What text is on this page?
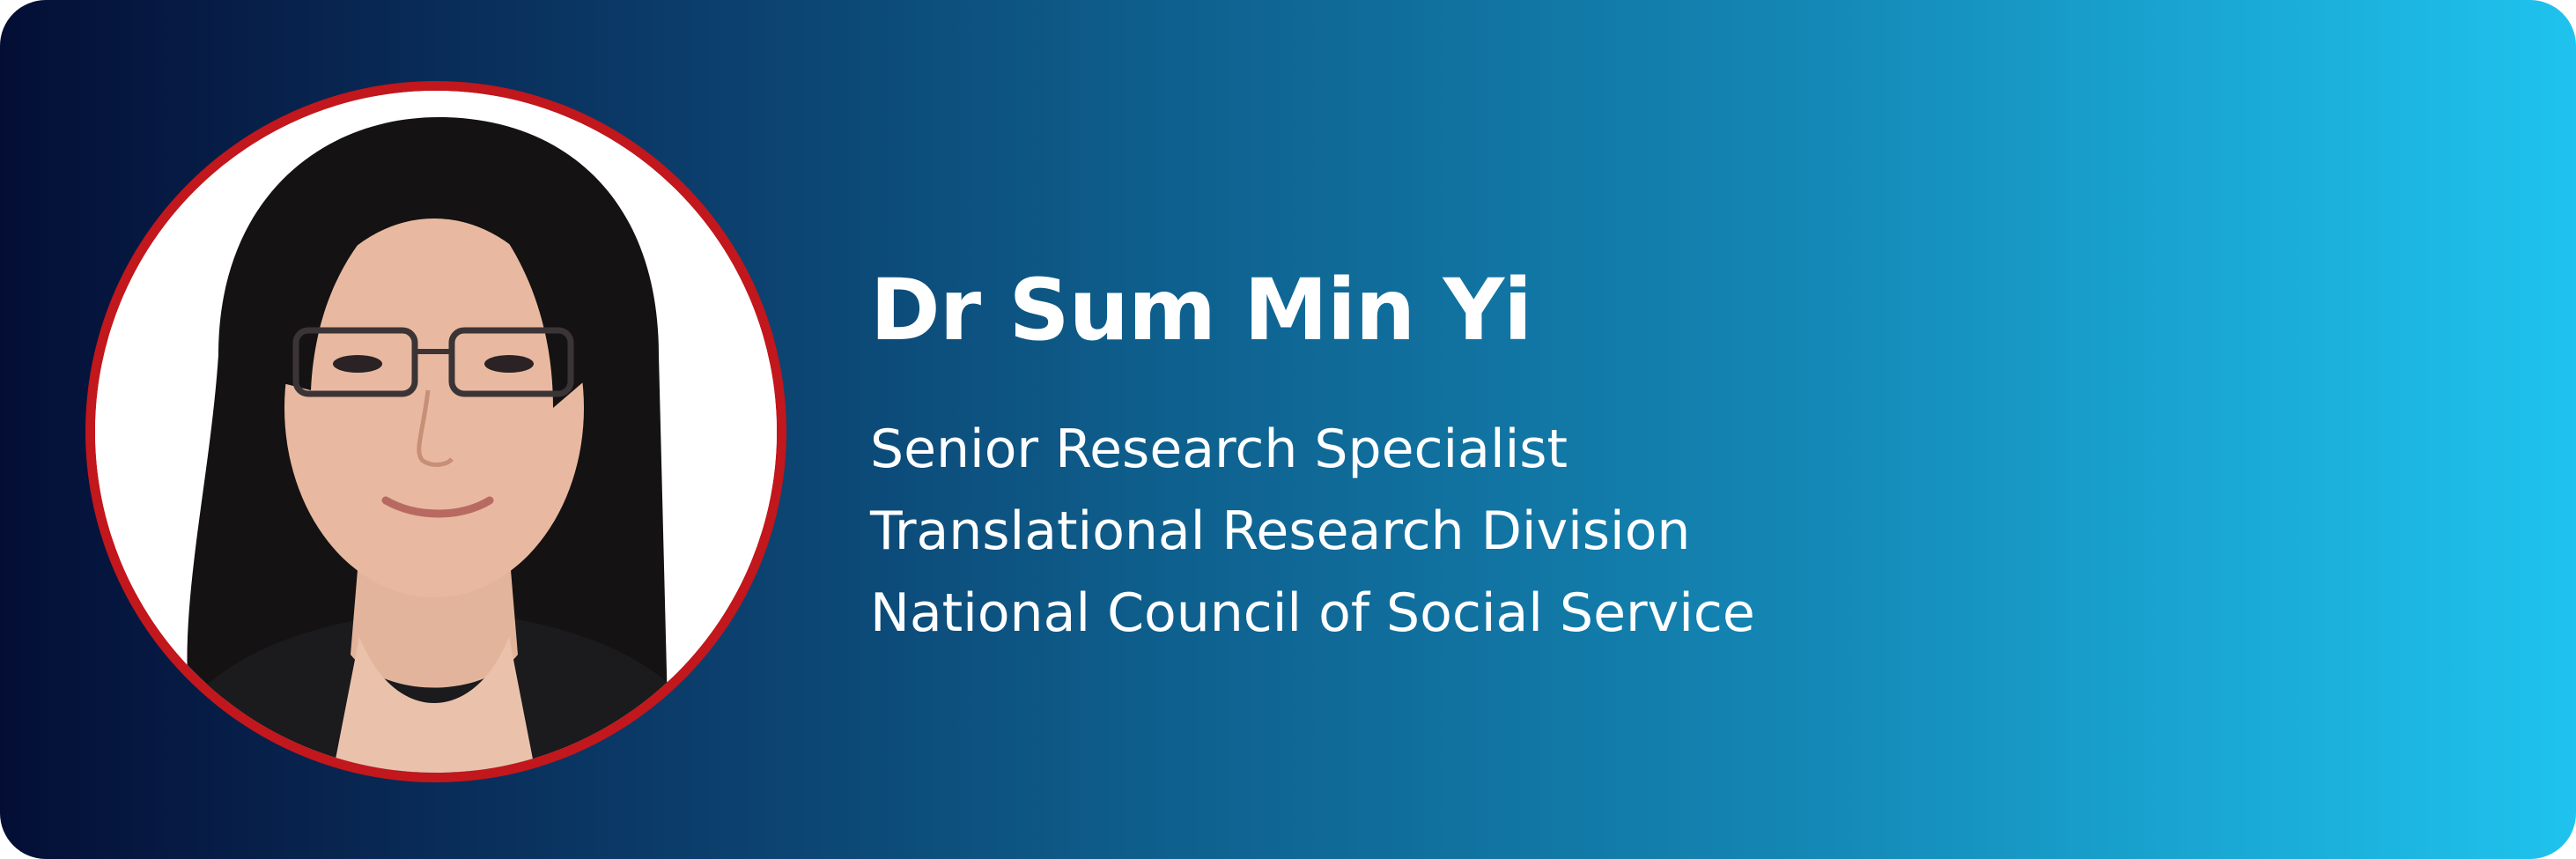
Dr Sum Min Yi
Senior Research Specialist
Translational Research Division
National Council of Social Service
